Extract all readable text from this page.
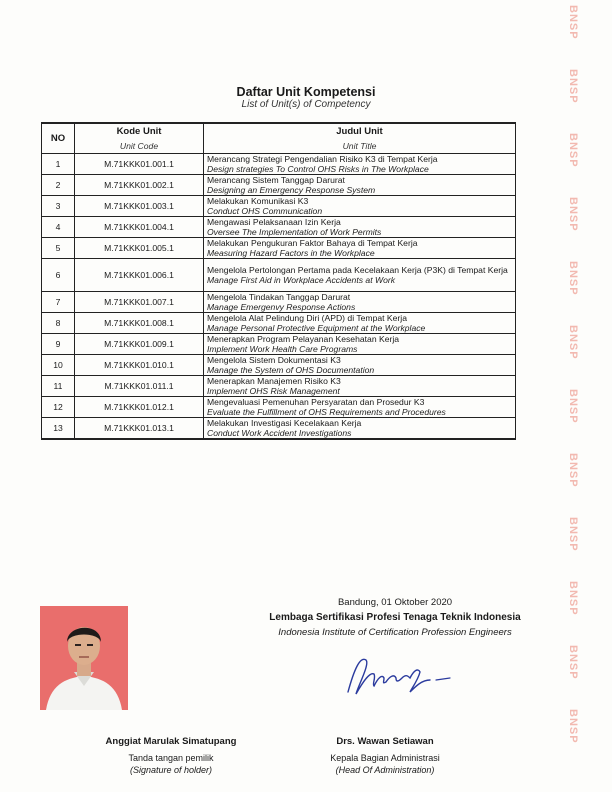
Daftar Unit Kompetensi
List of Unit(s) of Competency
NO	Kode Unit	Judul Unit
	Unit Code	Unit Title
1	M.71KKK01.001.1	Merancang Strategi Pengendalian Risiko K3 di Tempat Kerja
Design strategies To Control OHS Risks in The Workplace

2	M.71KKK01.002.1	Merancang Sistem Tanggap Darurat
Designing an Emergency Response System

3	M.71KKK01.003.1	Melakukan Komunikasi K3
Conduct OHS Communication

4	M.71KKK01.004.1	Mengawasi Pelaksanaan Izin Kerja
Oversee The Implementation of Work Permits

5	M.71KKK01.005.1	Melakukan Pengukuran Faktor Bahaya di Tempat Kerja
Measuring Hazard Factors in the Workplace

6	M.71KKK01.006.1	Mengelola Pertolongan Pertama pada Kecelakaan Kerja (P3K) di Tempat Kerja
Manage First Aid in Workplace Accidents at Work

7	M.71KKK01.007.1	Mengelola Tindakan Tanggap Darurat
Manage Emergenvy Response Actions

8	M.71KKK01.008.1	Mengelola Alat Pelindung Diri (APD) di Tempat Kerja
Manage Personal Protective Equipment at the Workplace

9	M.71KKK01.009.1	Menerapkan Program Pelayanan Kesehatan Kerja
Implement Work Health Care Programs

10	M.71KKK01.010.1	Mengelola Sistem Dokumentasi K3
Manage the System of OHS Documentation

11	M.71KKK01.011.1	Menerapkan Manajemen Risiko K3
Implement OHS Risk Management

12	M.71KKK01.012.1	Mengevaluasi Pemenuhan Persyaratan dan Prosedur K3
Evaluate the Fulfillment of OHS Requirements and Procedures

13	M.71KKK01.013.1	Melakukan Investigasi Kecelakaan Kerja
Conduct Work Accident Investigations
BNSP
BNSP
BNSP
BNSP
BNSP
BNSP
BNSP
BNSP
BNSP
BNSP
BNSP
BNSP
Bandung, 01 Oktober 2020
Lembaga Sertifikasi Profesi Tenaga Teknik Indonesia
Indonesia Institute of Certification Profession Engineers
Anggiat Marulak Simatupang
Tanda tangan pemilik
(Signature of holder)
Drs. Wawan Setiawan
Kepala Bagian Administrasi
(Head Of Administration)
